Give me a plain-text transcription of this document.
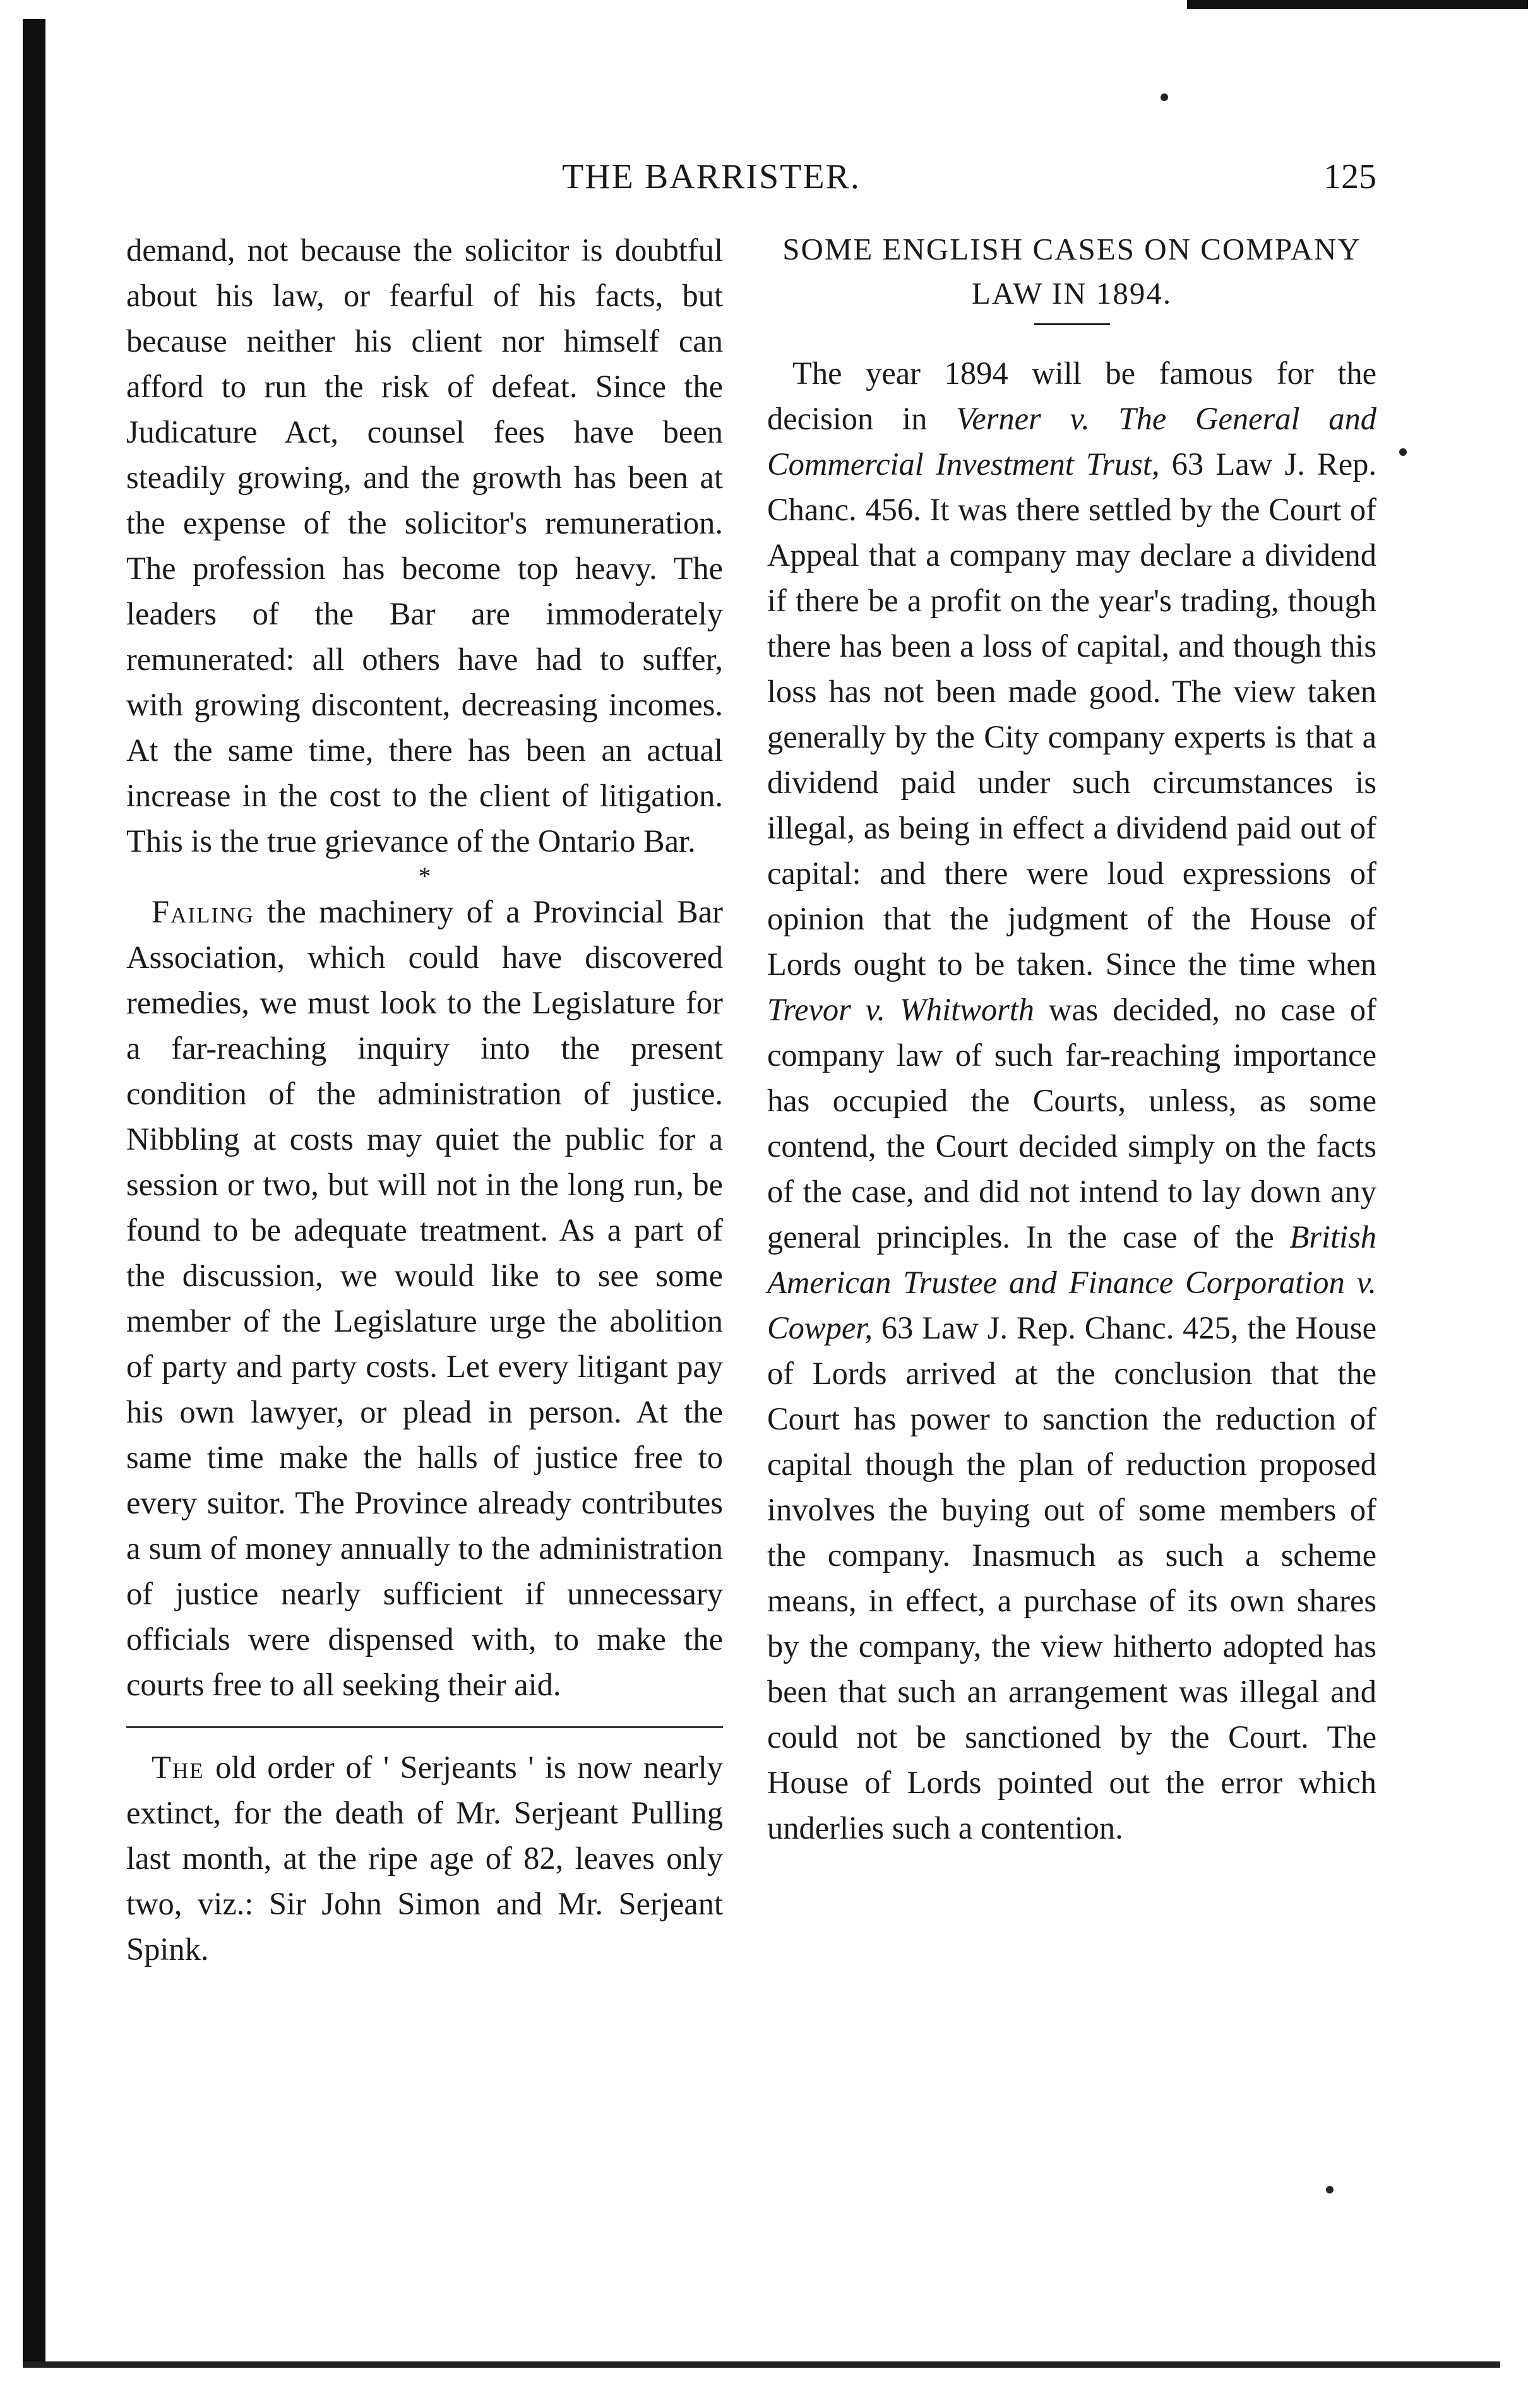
THE BARRISTER.	125

demand, not because the solicitor is doubtful about his law, or fearful of his facts, but because neither his client nor himself can afford to run the risk of defeat. Since the Judicature Act, counsel fees have been steadily growing, and the growth has been at the expense of the solicitor's remuneration. The profession has become top heavy. The leaders of the Bar are immoderately remunerated: all others have had to suffer, with growing discontent, decreasing incomes. At the same time, there has been an actual increase in the cost to the client of litigation. This is the true grievance of the Ontario Bar.

*

Failing the machinery of a Provincial Bar Association, which could have discovered remedies, we must look to the Legislature for a far-reaching inquiry into the present condition of the administration of justice. Nibbling at costs may quiet the public for a session or two, but will not in the long run, be found to be adequate treatment. As a part of the discussion, we would like to see some member of the Legislature urge the abolition of party and party costs. Let every litigant pay his own lawyer, or plead in person. At the same time make the halls of justice free to every suitor. The Province already contributes a sum of money annually to the administration of justice nearly sufficient if unnecessary officials were dispensed with, to make the courts free to all seeking their aid.

The old order of ' Serjeants ' is now nearly extinct, for the death of Mr. Serjeant Pulling last month, at the ripe age of 82, leaves only two, viz.: Sir John Simon and Mr. Serjeant Spink.

SOME ENGLISH CASES ON COMPANY LAW IN 1894.

The year 1894 will be famous for the decision in Verner v. The General and Commercial Investment Trust, 63 Law J. Rep. Chanc. 456. It was there settled by the Court of Appeal that a company may declare a dividend if there be a profit on the year's trading, though there has been a loss of capital, and though this loss has not been made good. The view taken generally by the City company experts is that a dividend paid under such circumstances is illegal, as being in effect a dividend paid out of capital: and there were loud expressions of opinion that the judgment of the House of Lords ought to be taken. Since the time when Trevor v. Whitworth was decided, no case of company law of such far-reaching importance has occupied the Courts, unless, as some contend, the Court decided simply on the facts of the case, and did not intend to lay down any general principles. In the case of the British American Trustee and Finance Corporation v. Cowper, 63 Law J. Rep. Chanc. 425, the House of Lords arrived at the conclusion that the Court has power to sanction the reduction of capital though the plan of reduction proposed involves the buying out of some members of the company. Inasmuch as such a scheme means, in effect, a purchase of its own shares by the company, the view hitherto adopted has been that such an arrangement was illegal and could not be sanctioned by the Court. The House of Lords pointed out the error which underlies such a contention.
